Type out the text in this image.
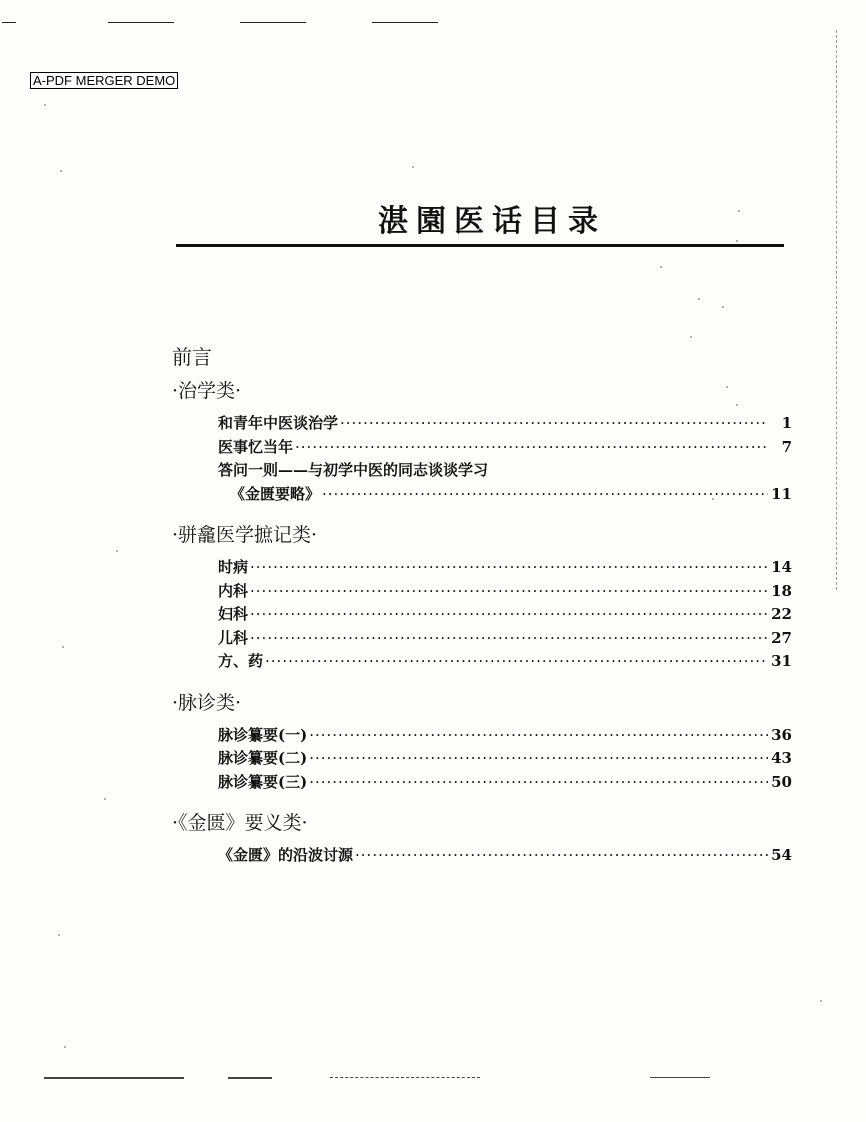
A-PDF MERGER DEMO
湛園医话目录
前言
·治学类·
和青年中医谈治学 ·····	1
医事忆当年 ·····	7
答问一则——与初学中医的同志谈谈学习
《金匮要略》 ·····	11
·骈龕医学摭记类·
时病 ·····	14
内科 ·····	18
妇科 ·····	22
儿科 ·····	27
方、药 ·····	31
·脉诊类·
脉诊纂要(一) ·····	36
脉诊纂要(二) ·····	43
脉诊纂要(三) ·····	50
·《金匮》要义类·
《金匮》的沿波讨源 ·····	54
